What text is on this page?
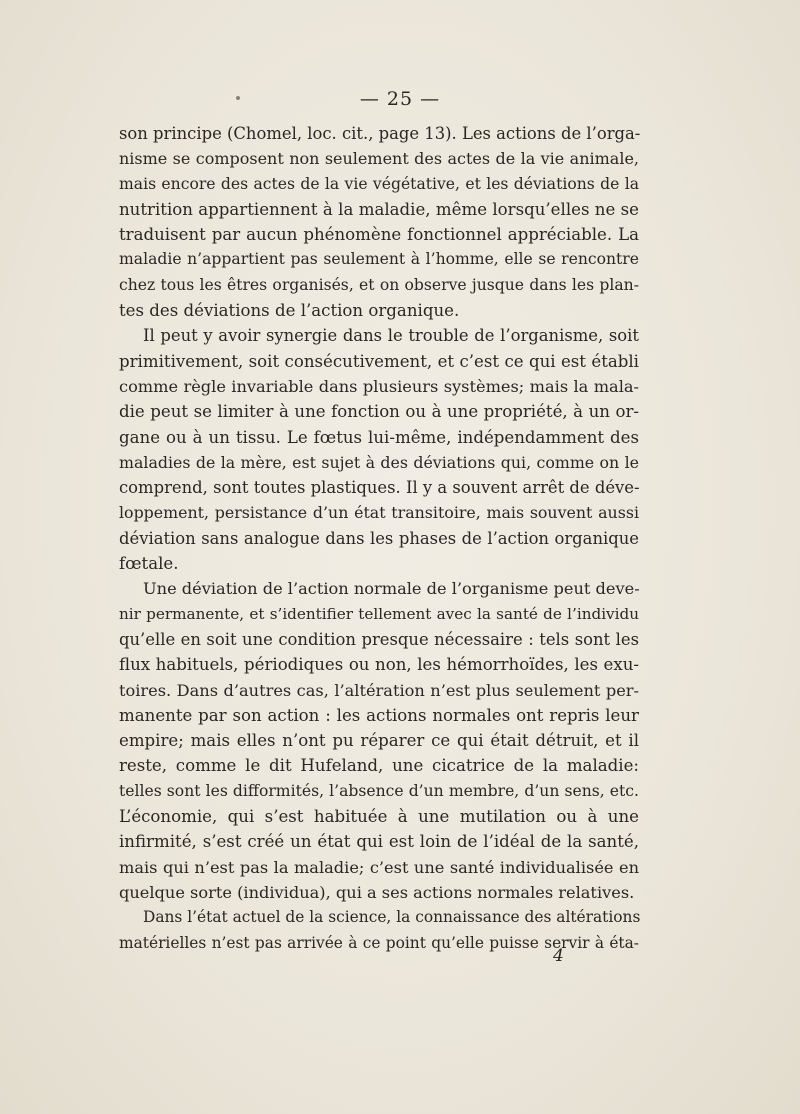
— 25 —
son principe (Chomel, loc. cit., page 13). Les actions de l’orga-
nisme se composent non seulement des actes de la vie animale,
mais encore des actes de la vie végétative, et les déviations de la
nutrition appartiennent à la maladie, même lorsqu’elles ne se
traduisent par aucun phénomène fonctionnel appréciable. La
maladie n’appartient pas seulement à l’homme, elle se rencontre
chez tous les êtres organisés, et on observe jusque dans les plan-
tes des déviations de l’action organique.
Il peut y avoir synergie dans le trouble de l’organisme, soit
primitivement, soit consécutivement, et c’est ce qui est établi
comme règle invariable dans plusieurs systèmes; mais la mala-
die peut se limiter à une fonction ou à une propriété, à un or-
gane ou à un tissu. Le fœtus lui-même, indépendamment des
maladies de la mère, est sujet à des déviations qui, comme on le
comprend, sont toutes plastiques. Il y a souvent arrêt de déve-
loppement, persistance d’un état transitoire, mais souvent aussi
déviation sans analogue dans les phases de l’action organique
fœtale.
Une déviation de l’action normale de l’organisme peut deve-
nir permanente, et s’identifier tellement avec la santé de l’individu
qu’elle en soit une condition presque nécessaire : tels sont les
flux habituels, périodiques ou non, les hémorrhoïdes, les exu-
toires. Dans d’autres cas, l’altération n’est plus seulement per-
manente par son action : les actions normales ont repris leur
empire; mais elles n’ont pu réparer ce qui était détruit, et il
reste, comme le dit Hufeland, une cicatrice de la maladie:
telles sont les difformités, l’absence d’un membre, d’un sens, etc.
L’économie, qui s’est habituée à une mutilation ou à une
infirmité, s’est créé un état qui est loin de l’idéal de la santé,
mais qui n’est pas la maladie; c’est une santé individualisée en
quelque sorte (individua), qui a ses actions normales relatives.
Dans l’état actuel de la science, la connaissance des altérations
matérielles n’est pas arrivée à ce point qu’elle puisse servir à éta-
4
